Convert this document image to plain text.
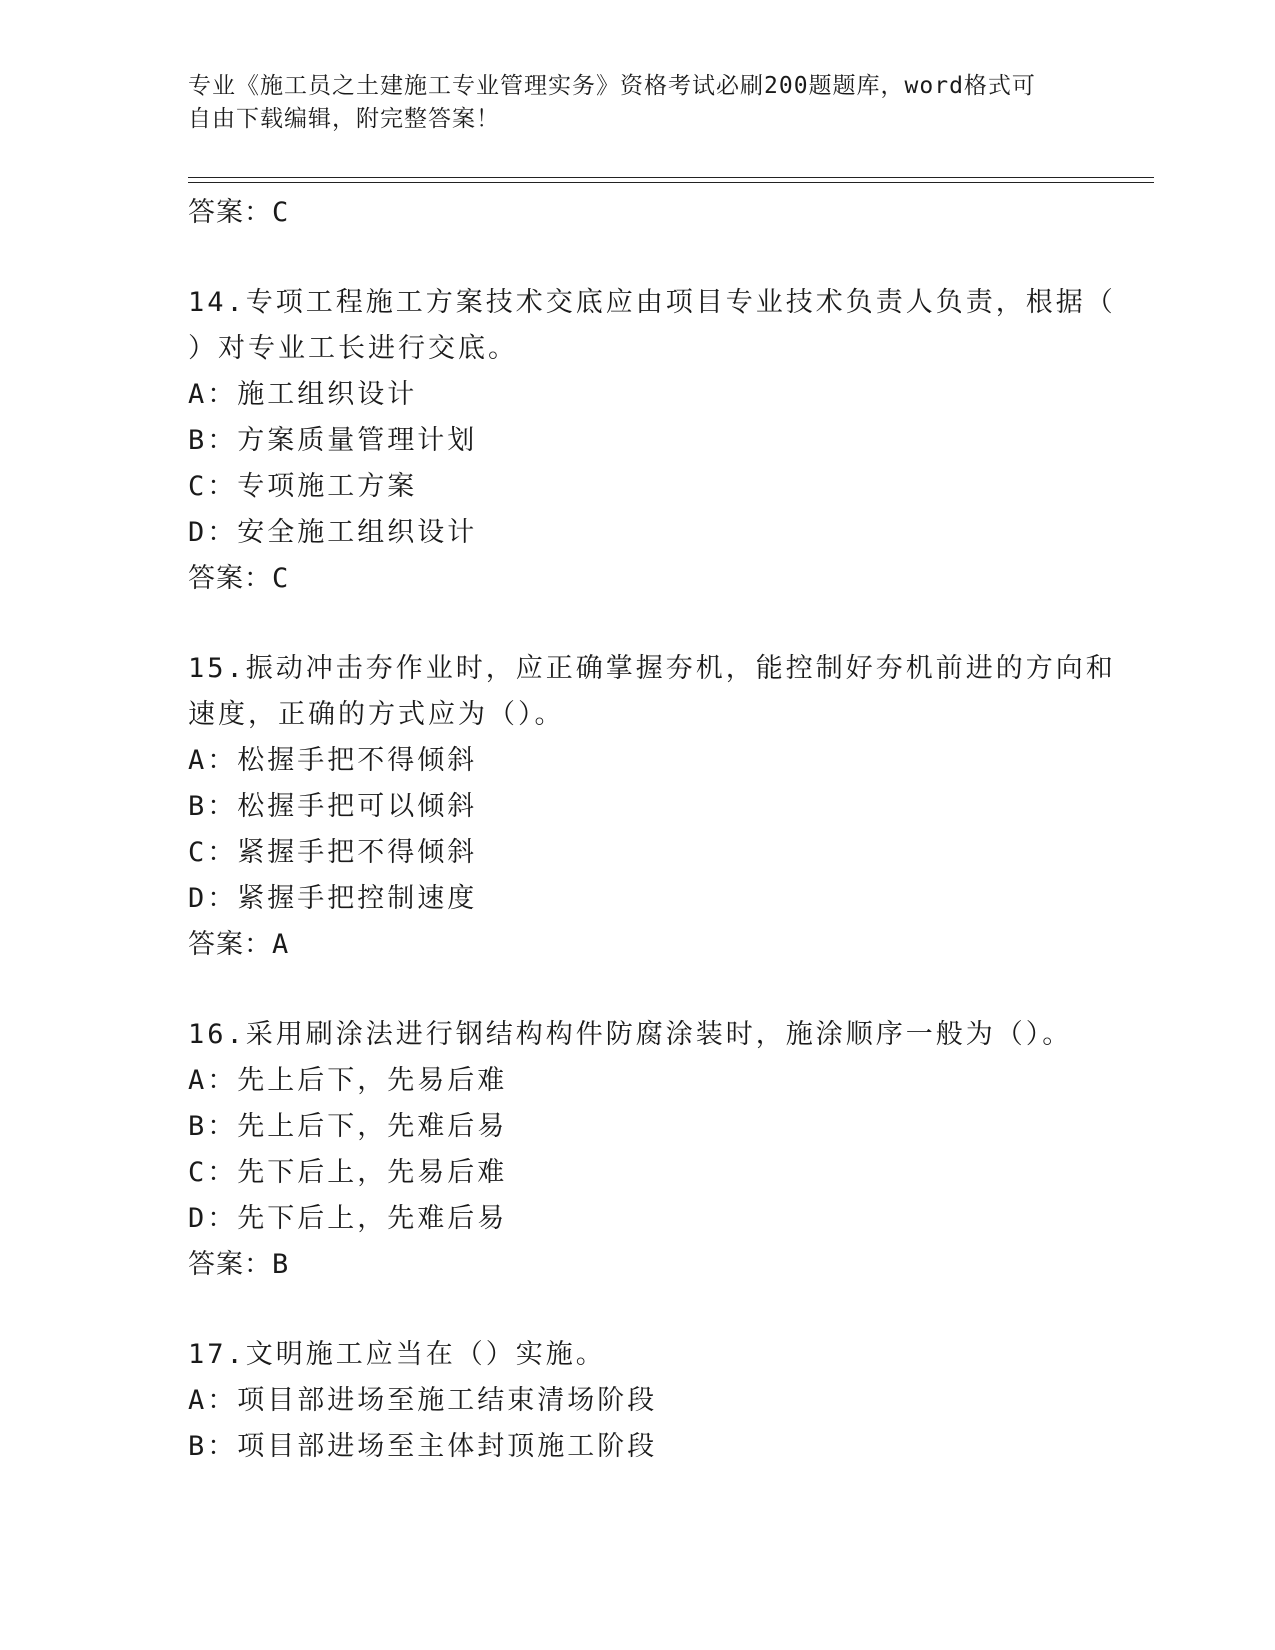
专业《施工员之土建施工专业管理实务》资格考试必刷200题题库，word格式可
自由下载编辑，附完整答案！
答案：C
14.专项工程施工方案技术交底应由项目专业技术负责人负责，根据（
）对专业工长进行交底。
A：施工组织设计
B：方案质量管理计划
C：专项施工方案
D：安全施工组织设计
答案：C
15.振动冲击夯作业时，应正确掌握夯机，能控制好夯机前进的方向和
速度，正确的方式应为（）。
A：松握手把不得倾斜
B：松握手把可以倾斜
C：紧握手把不得倾斜
D：紧握手把控制速度
答案：A
16.采用刷涂法进行钢结构构件防腐涂装时，施涂顺序一般为（）。
A：先上后下，先易后难
B：先上后下，先难后易
C：先下后上，先易后难
D：先下后上，先难后易
答案：B
17.文明施工应当在（）实施。
A：项目部进场至施工结束清场阶段
B：项目部进场至主体封顶施工阶段
